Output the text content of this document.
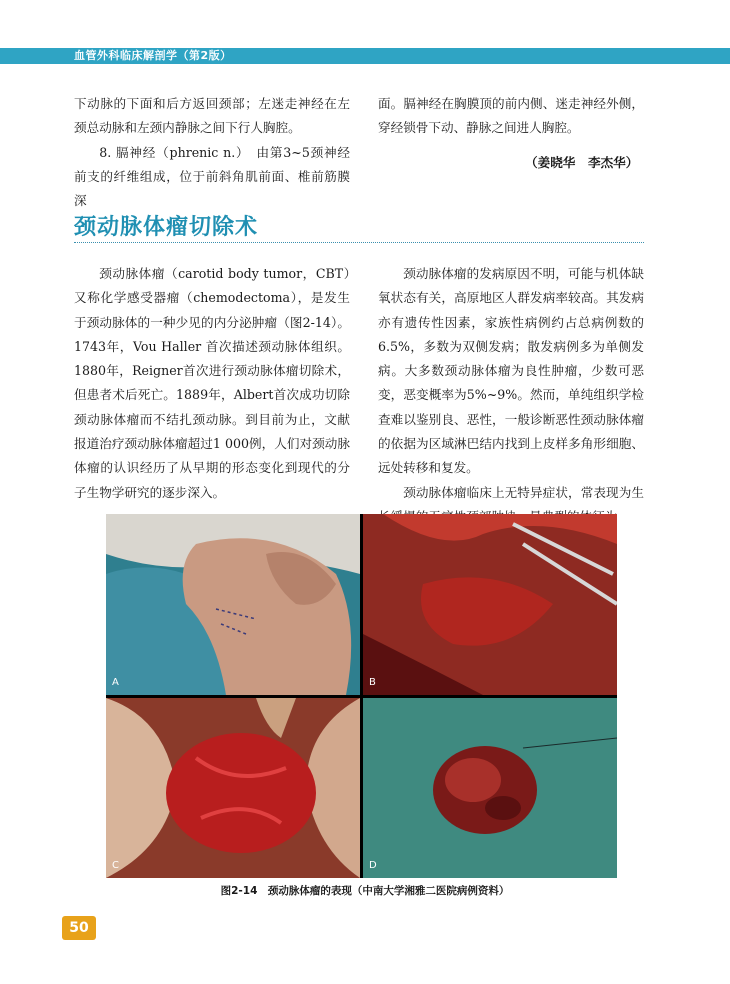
血管外科临床解剖学（第2版）

下动脉的下面和后方返回颈部；左迷走神经在左颈总动脉和左颈内静脉之间下行人胸腔。

8. 膈神经（phrenic n.）　由第3~5颈神经前支的纤维组成，位于前斜角肌前面、椎前筋膜深

面。膈神经在胸膜顶的前内侧、迷走神经外侧，穿经锁骨下动、静脉之间进人胸腔。

（姜晓华　李杰华）
颈动脉体瘤切除术

颈动脉体瘤（carotid body tumor，CBT）又称化学感受器瘤（chemodectoma），是发生于颈动脉体的一种少见的内分泌肿瘤（图2-14）。1743年，Vou Haller 首次描述颈动脉体组织。1880年，Reigner首次进行颈动脉体瘤切除术，但患者术后死亡。1889年，Albert首次成功切除颈动脉体瘤而不结扎颈动脉。到目前为止，文献报道治疗颈动脉体瘤超过1 000例，人们对颈动脉体瘤的认识经历了从早期的形态变化到现代的分子生物学研究的逐步深入。

颈动脉体瘤的发病原因不明，可能与机体缺氧状态有关，高原地区人群发病率较高。其发病亦有遗传性因素，家族性病例约占总病例数的6.5%，多数为双侧发病；散发病例多为单侧发病。大多数颈动脉体瘤为良性肿瘤，少数可恶变，恶变概率为5%~9%。然而，单纯组织学检查难以鉴别良、恶性，一般诊断恶性颈动脉体瘤的依据为区域淋巴结内找到上皮样多角形细胞、远处转移和复发。

颈动脉体瘤临床上无特异症状，常表现为生

A	B
C	D
图2-14　颈动脉体瘤的表现（中南大学湘雅二医院病例资料）
50
